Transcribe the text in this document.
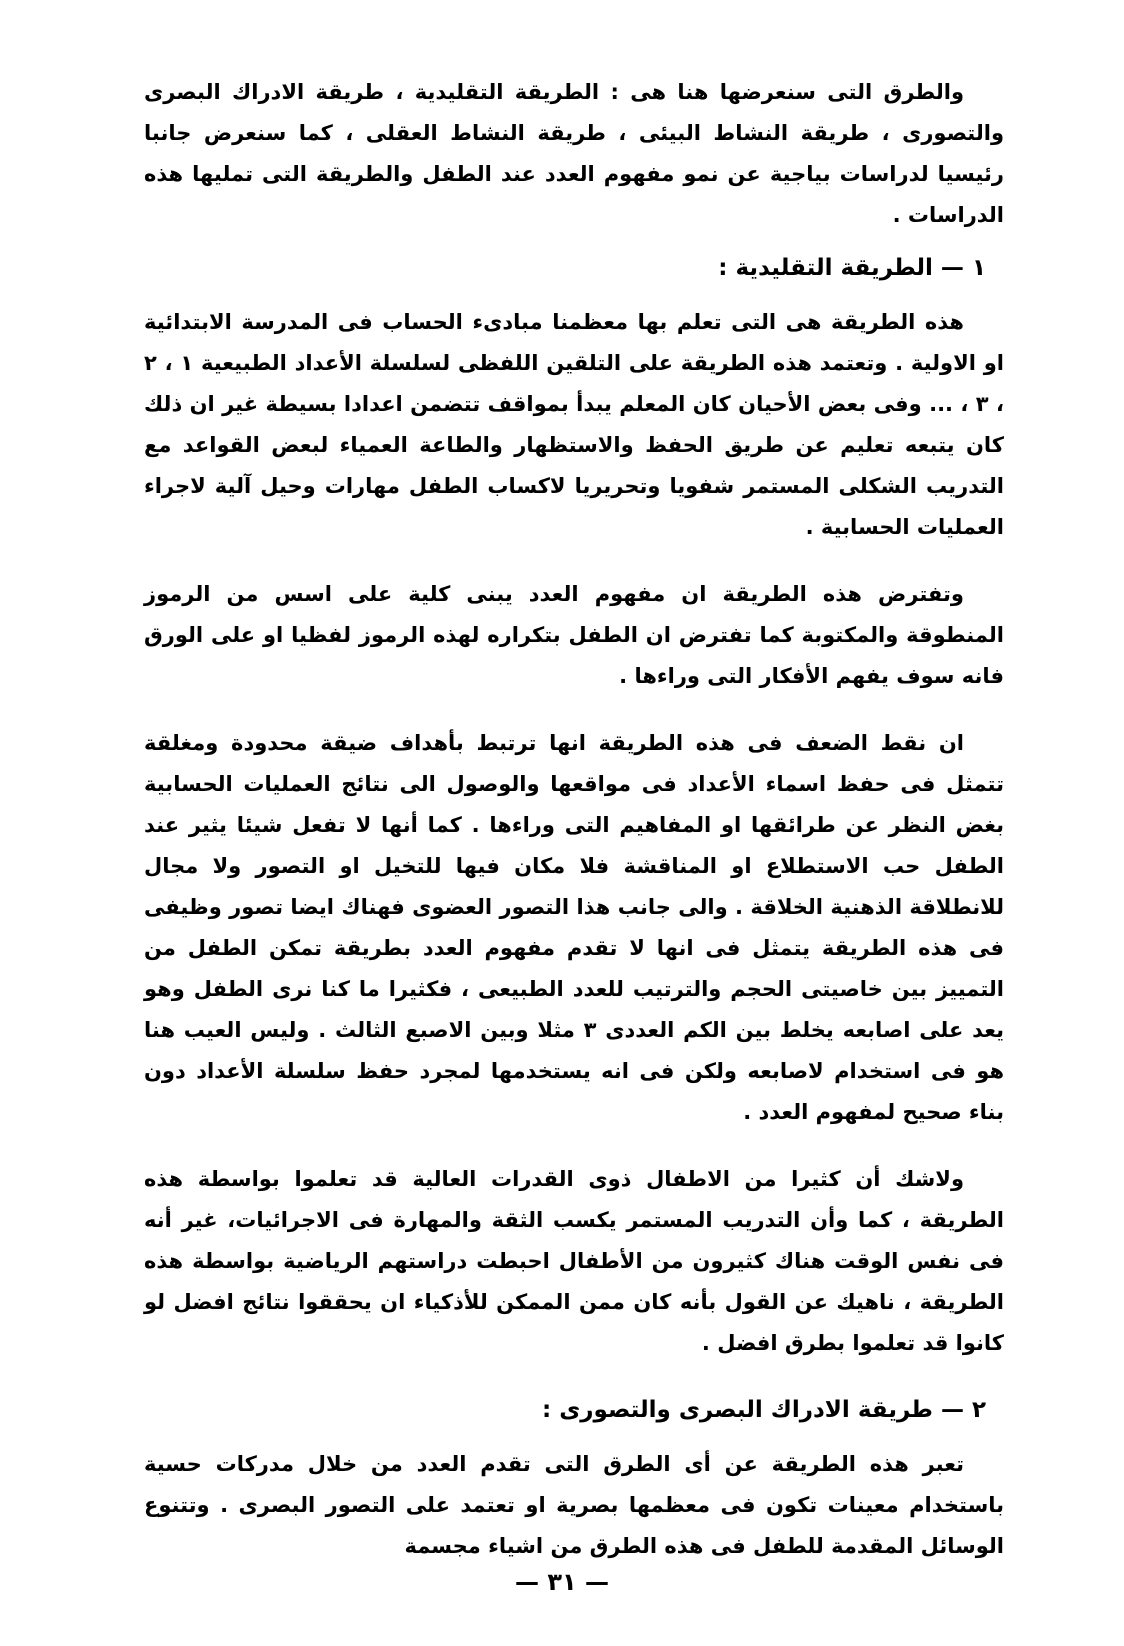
والطرق التى سنعرضها هنا هى : الطريقة التقليدية ، طريقة الادراك البصرى والتصورى ، طريقة النشاط البيئى ، طريقة النشاط العقلى ، كما سنعرض جانبا رئيسيا لدراسات بياجية عن نمو مفهوم العدد عند الطفل والطريقة التى تمليها هذه الدراسات .

١ — الطريقة التقليدية :

هذه الطريقة هى التى تعلم بها معظمنا مبادىء الحساب فى المدرسة الابتدائية او الاولية . وتعتمد هذه الطريقة على التلقين اللفظى لسلسلة الأعداد الطبيعية ١ ، ٢ ، ٣ ، ... وفى بعض الأحيان كان المعلم يبدأ بمواقف تتضمن اعدادا بسيطة غير ان ذلك كان يتبعه تعليم عن طريق الحفظ والاستظهار والطاعة العمياء لبعض القواعد مع التدريب الشكلى المستمر شفويا وتحريريا لاكساب الطفل مهارات وحيل آلية لاجراء العمليات الحسابية .

وتفترض هذه الطريقة ان مفهوم العدد يبنى كلية على اسس من الرموز المنطوقة والمكتوبة كما تفترض ان الطفل بتكراره لهذه الرموز لفظيا او على الورق فانه سوف يفهم الأفكار التى وراءها .

ان نقط الضعف فى هذه الطريقة انها ترتبط بأهداف ضيقة محدودة ومغلقة تتمثل فى حفظ اسماء الأعداد فى مواقعها والوصول الى نتائج العمليات الحسابية بغض النظر عن طرائقها او المفاهيم التى وراءها . كما أنها لا تفعل شيئا يثير عند الطفل حب الاستطلاع او المناقشة فلا مكان فيها للتخيل او التصور ولا مجال للانطلاقة الذهنية الخلاقة . والى جانب هذا التصور العضوى فهناك ايضا تصور وظيفى فى هذه الطريقة يتمثل فى انها لا تقدم مفهوم العدد بطريقة تمكن الطفل من التمييز بين خاصيتى الحجم والترتيب للعدد الطبيعى ، فكثيرا ما كنا نرى الطفل وهو يعد على اصابعه يخلط بين الكم العددى ٣ مثلا وبين الاصبع الثالث . وليس العيب هنا هو فى استخدام لاصابعه ولكن فى انه يستخدمها لمجرد حفظ سلسلة الأعداد دون بناء صحيح لمفهوم العدد .

ولاشك أن كثيرا من الاطفال ذوى القدرات العالية قد تعلموا بواسطة هذه الطريقة ، كما وأن التدريب المستمر يكسب الثقة والمهارة فى الاجرائيات، غير أنه فى نفس الوقت هناك كثيرون من الأطفال احبطت دراستهم الرياضية بواسطة هذه الطريقة ، ناهيك عن القول بأنه كان ممن الممكن للأذكياء ان يحققوا نتائج افضل لو كانوا قد تعلموا بطرق افضل .

٢ — طريقة الادراك البصرى والتصورى :

تعبر هذه الطريقة عن أى الطرق التى تقدم العدد من خلال مدركات حسية باستخدام معينات تكون فى معظمها بصرية او تعتمد على التصور البصرى . وتتنوع الوسائل المقدمة للطفل فى هذه الطرق من اشياء مجسمة

— ٣١ —
